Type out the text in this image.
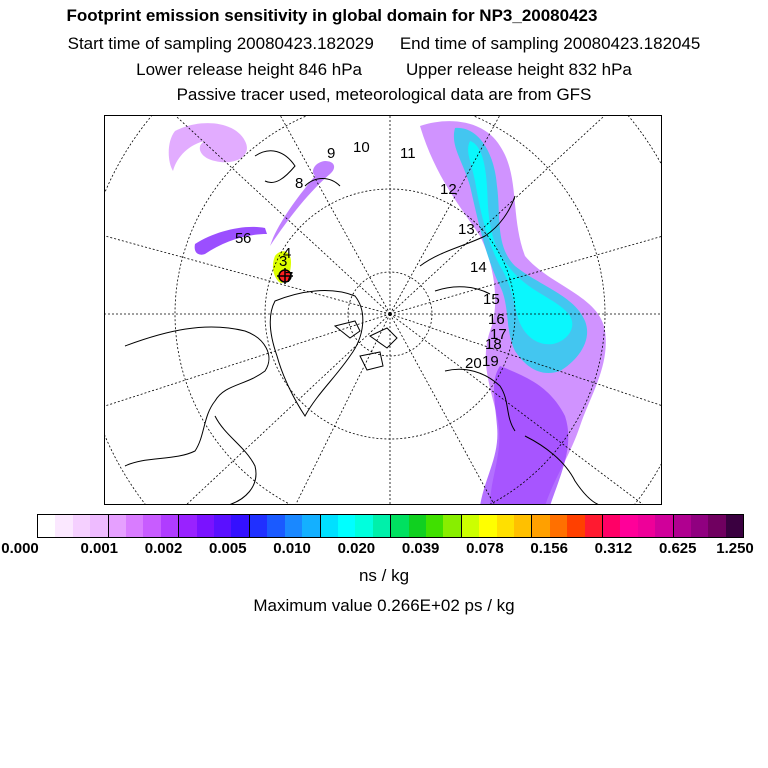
Footprint emission sensitivity in global domain for NP3_20080423
Start time of sampling 20080423.182029 End time of sampling 20080423.182045
Lower release height 846 hPa	Upper release height 832 hPa
Passive tracer used, meteorological data are from GFS
3
4
5 6
7
8
9 10 11
12
13
14
15
16
17
18
19
20
0.000	0.001 0.002 0.005 0.010 0.020 0.039 0.078 0.156 0.312 0.625 1.250
ns / kg
Maximum value 0.266E+02 ps / kg
